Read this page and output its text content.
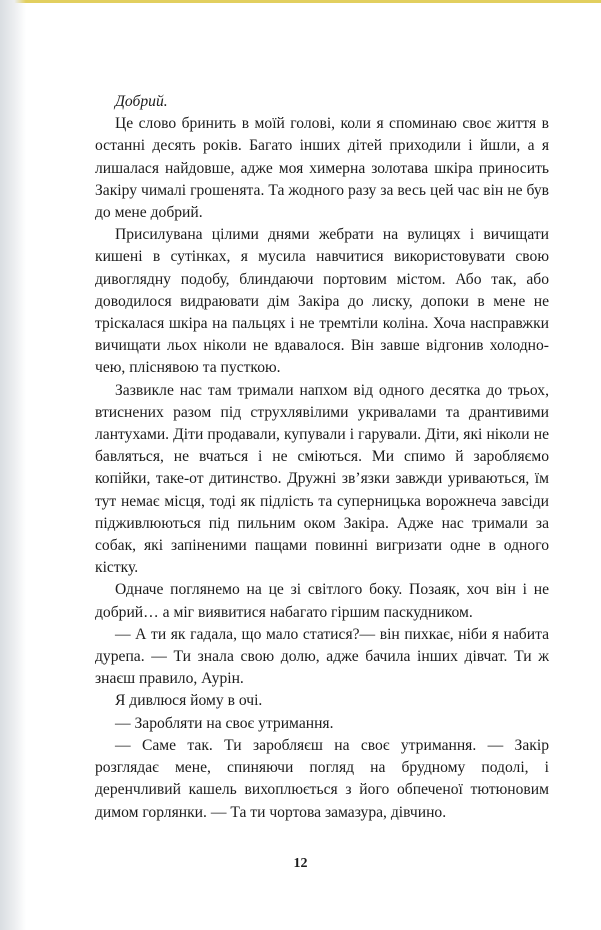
Добрий.

Це слово бринить в моїй голові, коли я споминаю своє життя в останні десять років. Багато інших дітей приходили і йшли, а я лишалася найдовше, адже моя химерна золотава шкіра приносить Закіру чималі грошенята. Та жодного разу за весь цей час він не був до мене добрий.

Присилувана цілими днями жебрати на вулицях і вичищати кишені в сутінках, я мусила навчитися використовувати свою дивоглядну подобу, блиндаючи портовим містом. Або так, або доводилося видраювати дім Закіра до лиску, допоки в мене не тріскалася шкіра на пальцях і не тремтіли коліна. Хоча насправжки вичищати льох ніколи не вдавалося. Він завше відгонив холодночею, пліснявою та пусткою.

Зазвикле нас там тримали напхом від одного десятка до трьох, втиснених разом під струхлявілими укривалами та дрантивими лантухами. Діти продавали, купували і гарували. Діти, які ніколи не бавляться, не вчаться і не сміються. Ми спимо й заробляємо копійки, таке-от дитинство. Дружні зв’язки завжди уриваються, їм тут немає місця, тоді як підлість та суперницька ворожнеча завсіди підживлюються під пильним оком Закіра. Адже нас тримали за собак, які запіненими пащами повинні вигризати одне в одного кістку.

Одначе поглянемо на це зі світлого боку. Позаяк, хоч він і не добрий… а міг виявитися набагато гіршим паскудником.

— А ти як гадала, що мало статися?— він пихкає, ніби я набита дурепа. — Ти знала свою долю, адже бачила інших дівчат. Ти ж знаєш правило, Аурін.

Я дивлюся йому в очі.

— Заробляти на своє утримання.

— Саме так. Ти заробляєш на своє утримання. — Закір розглядає мене, спиняючи погляд на брудному подолі, і деренчливий кашель вихоплюється з його обпеченої тютюновим димом горлянки. — Та ти чортова замазура, дівчино.

12
